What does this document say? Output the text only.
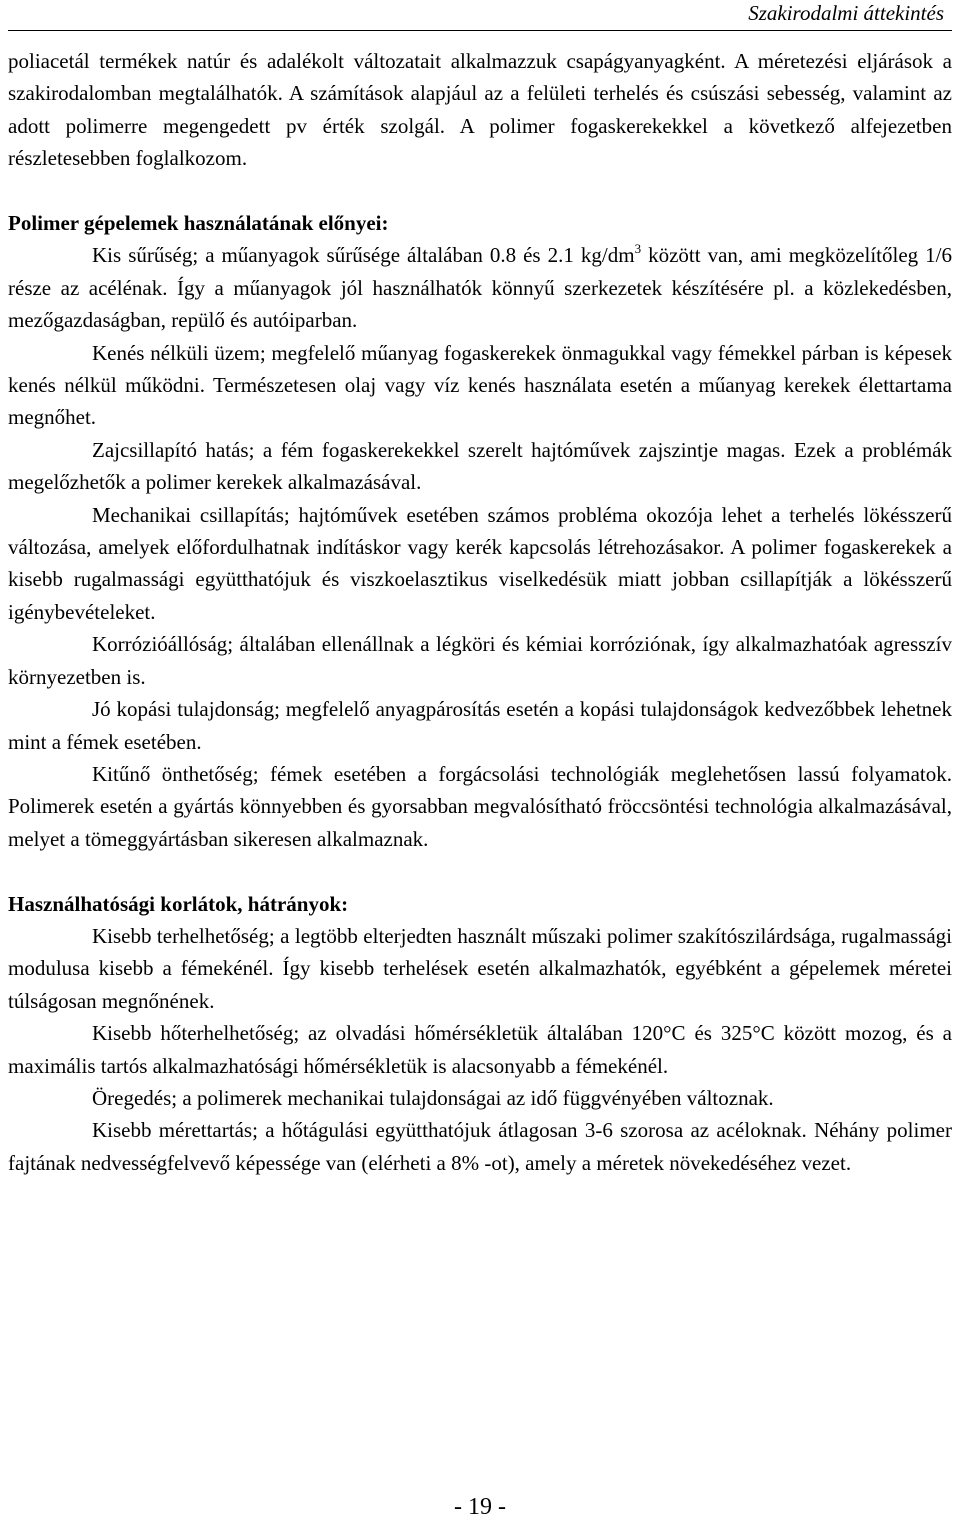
Szakirodalmi áttekintés

poliacetál termékek natúr és adalékolt változatait alkalmazzuk csapágyanyagként. A méretezési eljárások a szakirodalomban megtalálhatók. A számítások alapjául az a felületi terhelés és csúszási sebesség, valamint az adott polimerre megengedett pv érték szolgál. A polimer fogaskerekekkel a következő alfejezetben részletesebben foglalkozom.

Polimer gépelemek használatának előnyei:

Kis sűrűség; a műanyagok sűrűsége általában 0.8 és 2.1 $kg/dm^3$ között van, ami megközelítőleg 1/6 része az acélénak. Így a műanyagok jól használhatók könnyű szerkezetek készítésére pl. a közlekedésben, mezőgazdaságban, repülő és autóiparban.

Kenés nélküli üzem; megfelelő műanyag fogaskerekek önmagukkal vagy fémekkel párban is képesek kenés nélkül működni. Természetesen olaj vagy víz kenés használata esetén a műanyag kerekek élettartama megnőhet.

Zajcsillapító hatás; a fém fogaskerekekkel szerelt hajtóművek zajszintje magas. Ezek a problémák megelőzhetők a polimer kerekek alkalmazásával.

Mechanikai csillapítás; hajtóművek esetében számos probléma okozója lehet a terhelés lökésszerű változása, amelyek előfordulhatnak indításkor vagy kerék kapcsolás létrehozásakor. A polimer fogaskerekek a kisebb rugalmassági együtthatójuk és viszkoelasztikus viselkedésük miatt jobban csillapítják a lökésszerű igénybevételeket.

Korrózióállóság; általában ellenállnak a légköri és kémiai korróziónak, így alkalmazhatóak agresszív környezetben is.

Jó kopási tulajdonság; megfelelő anyagpárosítás esetén a kopási tulajdonságok kedvezőbbek lehetnek mint a fémek esetében.

Kitűnő önthetőség; fémek esetében a forgácsolási technológiák meglehetősen lassú folyamatok. Polimerek esetén a gyártás könnyebben és gyorsabban megvalósítható fröccsöntési technológia alkalmazásával, melyet a tömeggyártásban sikeresen alkalmaznak.

Használhatósági korlátok, hátrányok:

Kisebb terhelhetőség; a legtöbb elterjedten használt műszaki polimer szakítószilárdsága, rugalmassági modulusa kisebb a fémekénél. Így kisebb terhelések esetén alkalmazhatók, egyébként a gépelemek méretei túlságosan megnőnének.

Kisebb hőterhelhetőség; az olvadási hőmérsékletük általában 120°C és 325°C között mozog, és a maximális tartós alkalmazhatósági hőmérsékletük is alacsonyabb a fémekénél.

Öregedés; a polimerek mechanikai tulajdonságai az idő függvényében változnak.

Kisebb mérettartás; a hőtágulási együtthatójuk átlagosan 3-6 szorosa az acéloknak. Néhány polimer fajtának nedvességfelvevő képessége van (elérheti a 8% -ot), amely a méretek növekedéséhez vezet.

- 19 -
